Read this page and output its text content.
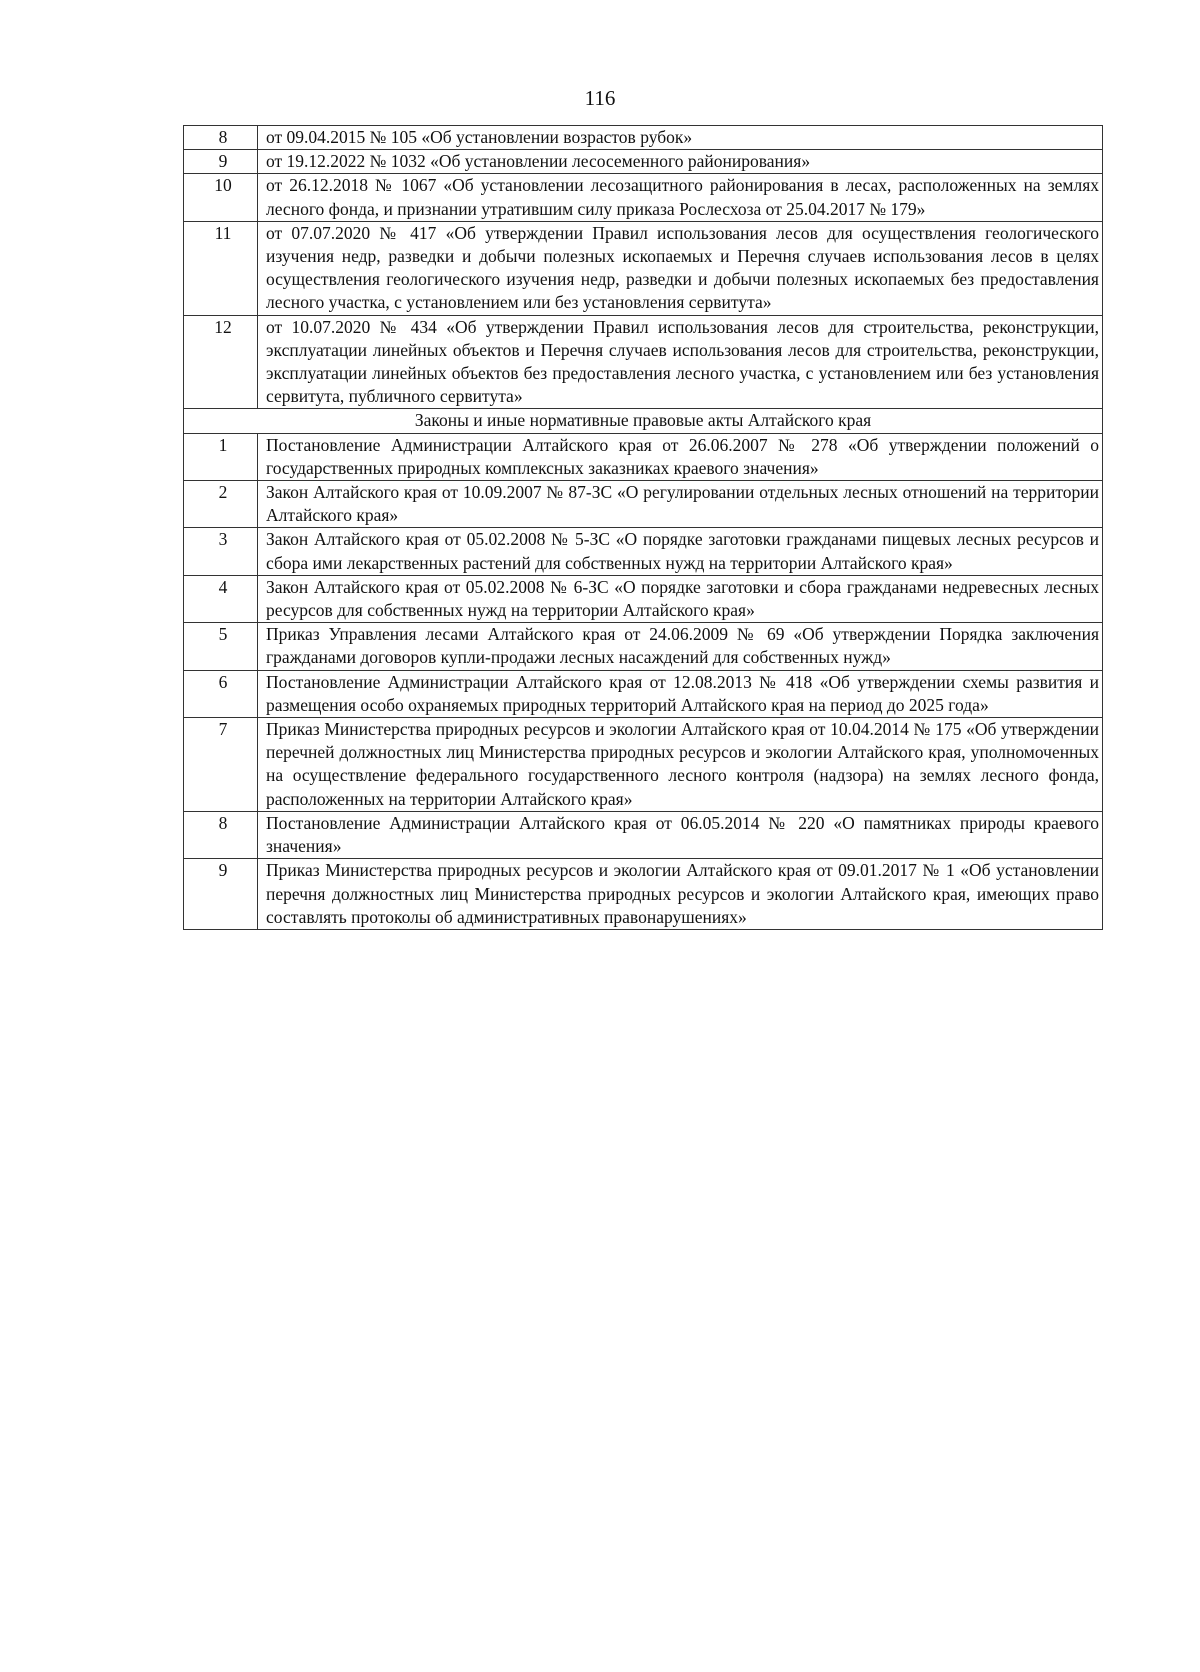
116
8	от 09.04.2015 № 105 «Об установлении возрастов рубок»
9	от 19.12.2022 № 1032 «Об установлении лесосеменного районирования»
10	от 26.12.2018 № 1067 «Об установлении лесозащитного районирования в лесах, расположенных на землях лесного фонда, и признании утратившим силу приказа Рослесхоза от 25.04.2017 № 179»
11	от 07.07.2020 № 417 «Об утверждении Правил использования лесов для осуществления геологического изучения недр, разведки и добычи полезных ископаемых и Перечня случаев использования лесов в целях осуществления геологического изучения недр, разведки и добычи полезных ископаемых без предоставления лесного участка, с установлением или без установления сервитута»
12	от 10.07.2020 № 434 «Об утверждении Правил использования лесов для строительства, реконструкции, эксплуатации линейных объектов и Перечня случаев использования лесов для строительства, реконструкции, эксплуатации линейных объектов без предоставления лесного участка, с установлением или без установления сервитута, публичного сервитута»
Законы и иные нормативные правовые акты Алтайского края	
1	Постановление Администрации Алтайского края от 26.06.2007 № 278 «Об утверждении положений о государственных природных комплексных заказниках краевого значения»
2	Закон Алтайского края от 10.09.2007 № 87-ЗС «О регулировании отдельных лесных отношений на территории Алтайского края»
3	Закон Алтайского края от 05.02.2008 № 5-ЗС «О порядке заготовки гражданами пищевых лесных ресурсов и сбора ими лекарственных растений для собственных нужд на территории Алтайского края»
4	Закон Алтайского края от 05.02.2008 № 6-ЗС «О порядке заготовки и сбора гражданами недревесных лесных ресурсов для собственных нужд на территории Алтайского края»
5	Приказ Управления лесами Алтайского края от 24.06.2009 № 69 «Об утверждении Порядка заключения гражданами договоров купли-продажи лесных насаждений для собственных нужд»
6	Постановление Администрации Алтайского края от 12.08.2013 № 418 «Об утверждении схемы развития и размещения особо охраняемых природных территорий Алтайского края на период до 2025 года»
7	Приказ Министерства природных ресурсов и экологии Алтайского края от 10.04.2014 № 175 «Об утверждении перечней должностных лиц Министерства природных ресурсов и экологии Алтайского края, уполномоченных на осуществление федерального государственного лесного контроля (надзора) на землях лесного фонда, расположенных на территории Алтайского края»
8	Постановление Администрации Алтайского края от 06.05.2014 № 220 «О памятниках природы краевого значения»
9	Приказ Министерства природных ресурсов и экологии Алтайского края от 09.01.2017 № 1 «Об установлении перечня должностных лиц Министерства природных ресурсов и экологии Алтайского края, имеющих право составлять протоколы об административных правонарушениях»
